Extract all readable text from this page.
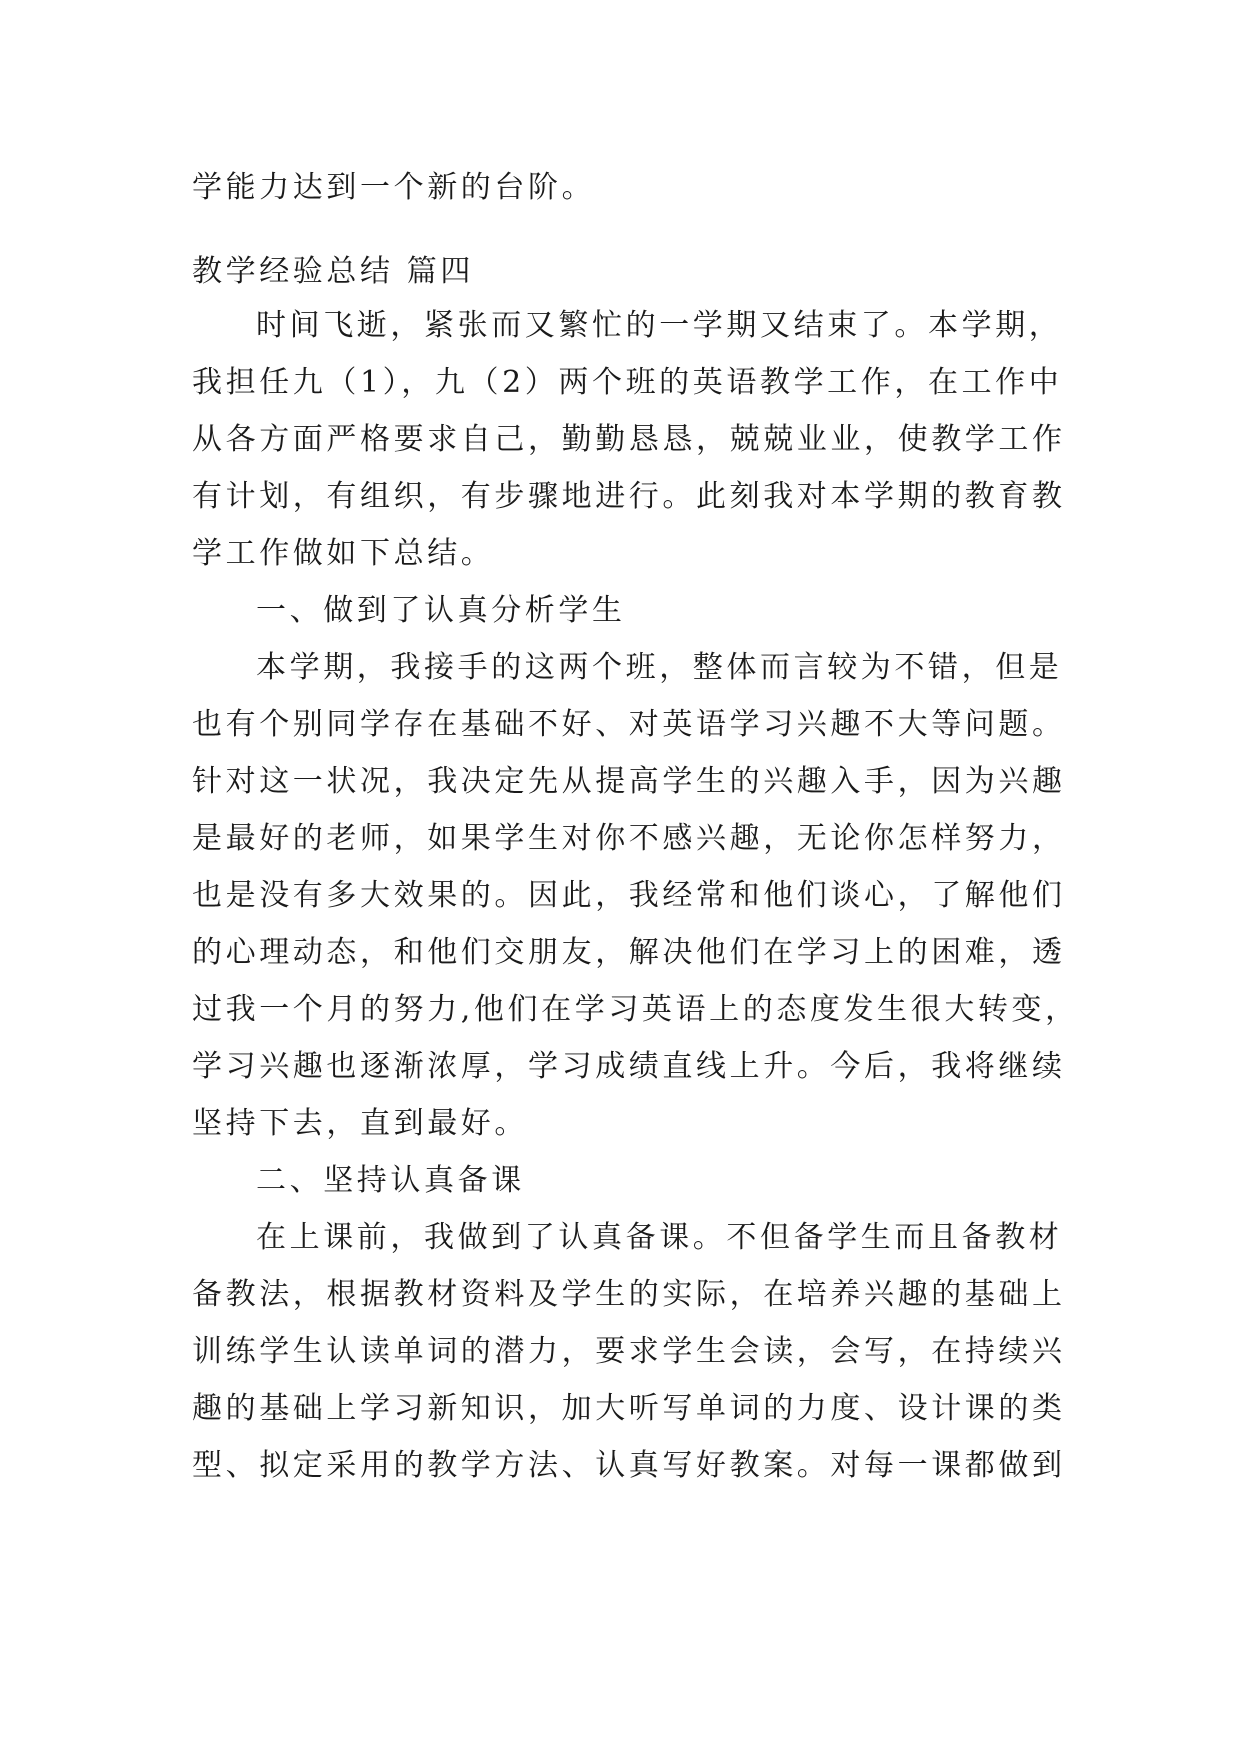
学能力达到一个新的台阶。
教学经验总结 篇四
时间飞逝，紧张而又繁忙的一学期又结束了。本学期，
我担任九（1），九（2）两个班的英语教学工作，在工作中
从各方面严格要求自己，勤勤恳恳，兢兢业业，使教学工作
有计划，有组织，有步骤地进行。此刻我对本学期的教育教
学工作做如下总结。
一、做到了认真分析学生
本学期，我接手的这两个班，整体而言较为不错，但是
也有个别同学存在基础不好、对英语学习兴趣不大等问题。
针对这一状况，我决定先从提高学生的兴趣入手，因为兴趣
是最好的老师，如果学生对你不感兴趣，无论你怎样努力，
也是没有多大效果的。因此，我经常和他们谈心，了解他们
的心理动态，和他们交朋友，解决他们在学习上的困难，透
过我一个月的努力,他们在学习英语上的态度发生很大转变，
学习兴趣也逐渐浓厚，学习成绩直线上升。今后，我将继续
坚持下去，直到最好。
二、坚持认真备课
在上课前，我做到了认真备课。不但备学生而且备教材
备教法，根据教材资料及学生的实际，在培养兴趣的基础上
训练学生认读单词的潜力，要求学生会读，会写，在持续兴
趣的基础上学习新知识，加大听写单词的力度、设计课的类
型、拟定采用的教学方法、认真写好教案。对每一课都做到
